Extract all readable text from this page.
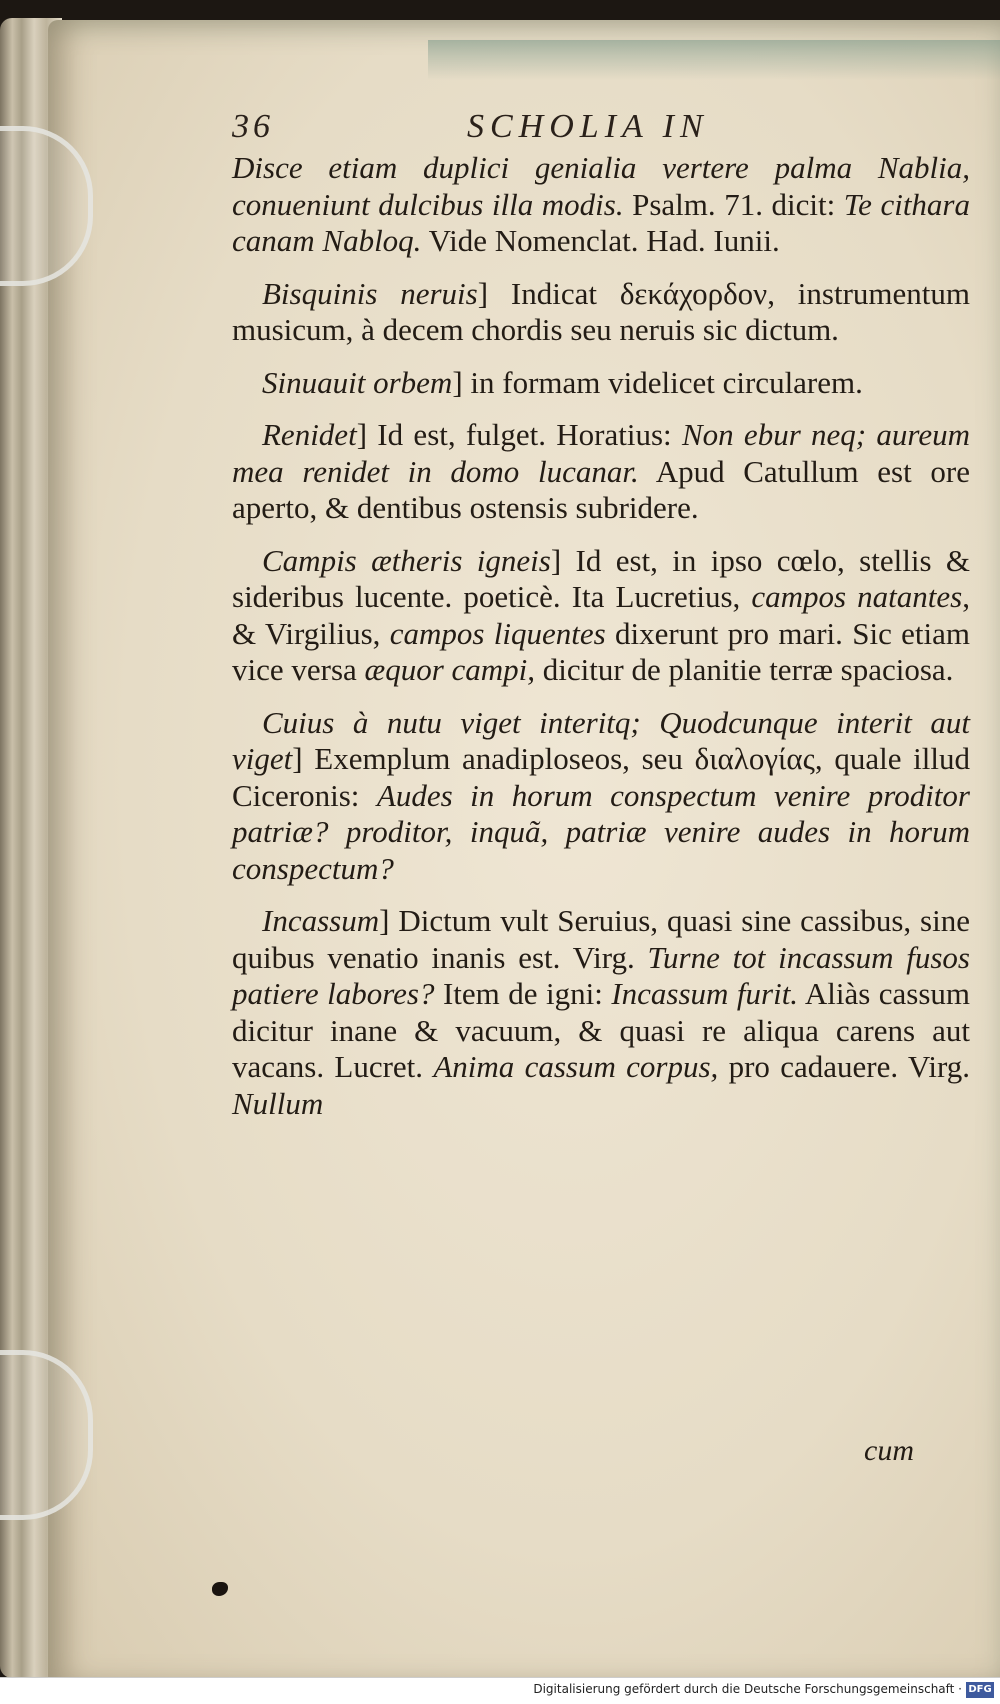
36	SCHOLIA IN

Disce etiam duplici genialia vertere palma Nablia, conueniunt dulcibus illa modis. Psalm. 71. dicit: Te cithara canam Nabloq. Vide Nomenclat. Had. Iunii.

Bisquinis neruis] Indicat δεκάχορδον, instrumentum musicum, à decem chordis seu neruis sic dictum.

Sinuauit orbem] in formam videlicet circularem.

Renidet] Id est, fulget. Horatius: Non ebur neq; aureum mea renidet in domo lucanar. Apud Catullum est ore aperto, & dentibus ostensis subridere.

Campis ætheris igneis] Id est, in ipso cœlo, stellis & sideribus lucente. poeticè. Ita Lucretius, campos natantes, & Virgilius, campos liquentes dixerunt pro mari. Sic etiam vice versa æquor campi, dicitur de planitie terræ spaciosa.

Cuius à nutu viget interitq; Quodcunque interit aut viget] Exemplum anadiploseos, seu διαλογίας, quale illud Ciceronis: Audes in horum conspectum venire proditor patriæ? proditor, inquã, patriæ venire audes in horum conspectum?

Incassum] Dictum vult Seruius, quasi sine cassibus, sine quibus venatio inanis est. Virg. Turne tot incassum fusos patiere labores? Item de igni: Incassum furit. Aliàs cassum dicitur inane & vacuum, & quasi re aliqua carens aut vacans. Lucret. Anima cassum corpus, pro cadauere. Virg. Nullum

cum
Digitalisierung gefördert durch die Deutsche Forschungsgemeinschaft · DFG
